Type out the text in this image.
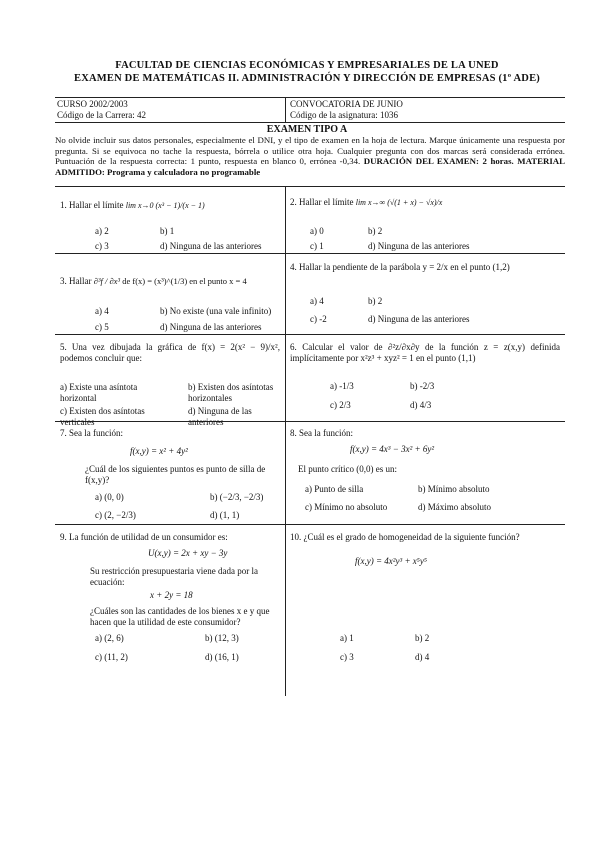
FACULTAD DE CIENCIAS ECONÓMICAS Y EMPRESARIALES DE LA UNED
EXAMEN DE MATEMÁTICAS II. ADMINISTRACIÓN Y DIRECCIÓN DE EMPRESAS (1º ADE)
CURSO 2002/2003
Código de la Carrera: 42
CONVOCATORIA DE JUNIO
Código de la asignatura: 1036
EXAMEN TIPO A
No olvide incluir sus datos personales, especialmente el DNI, y el tipo de examen en la hoja de lectura. Marque únicamente una respuesta por pregunta. Si se equivoca no tache la respuesta, bórrela o utilice otra hoja. Cualquier pregunta con dos marcas será considerada errónea. Puntuación de la respuesta correcta: 1 punto, respuesta en blanco 0, errónea -0,34. DURACIÓN DEL EXAMEN: 2 horas. MATERIAL ADMITIDO: Programa y calculadora no programable
1. Hallar el límite lim x→0 (x³ − 1)/(x − 1)
a) 2	b) 1
c) 3	d) Ninguna de las anteriores
2. Hallar el límite lim x→∞ (√(1 + x) − √x)/x
a) 0	b) 2
c) 1	d) Ninguna de las anteriores
3. Hallar ∂³f / ∂x³ de f(x) = (x³)^(1/3) en el punto x = 4
a) 4	b) No existe (una vale infinito)
c) 5	d) Ninguna de las anteriores
4. Hallar la pendiente de la parábola y = 2/x en el punto (1,2)
a) 4	b) 2
c) -2	d) Ninguna de las anteriores
5. Una vez dibujada la gráfica de f(x) = 2(x² − 9)/x², podemos concluir que:
a) Existe una asíntota horizontal
b) Existen dos asíntotas horizontales
c) Existen dos asíntotas verticales
d) Ninguna de las anteriores
6. Calcular el valor de ∂²z/∂x∂y de la función z = z(x,y) definida implícitamente por x²z³ + xyz² = 1 en el punto (1,1)
a) -1/3	b) -2/3
c) 2/3	d) 4/3
7. Sea la función:
f(x,y) = x² + 4y²
¿Cuál de los siguientes puntos es punto de silla de f(x,y)?
a) (0, 0)	b) (−2/3, −2/3)
c) (2, −2/3)	d) (1, 1)
8. Sea la función:
f(x,y) = 4x³ − 3x² + 6y²
El punto crítico (0,0) es un:
a) Punto de silla	b) Mínimo absoluto
c) Mínimo no absoluto	d) Máximo absoluto
9. La función de utilidad de un consumidor es:
U(x,y) = 2x + xy − 3y
Su restricción presupuestaria viene dada por la ecuación:
x + 2y = 18
¿Cuáles son las cantidades de los bienes x e y que hacen que la utilidad de este consumidor?
a) (2, 6)	b) (12, 3)
c) (11, 2)	d) (16, 1)
10. ¿Cuál es el grado de homogeneidad de la siguiente función?
f(x,y) = 4x²y³ + x⁵y⁵
a) 1	b) 2
c) 3	d) 4
